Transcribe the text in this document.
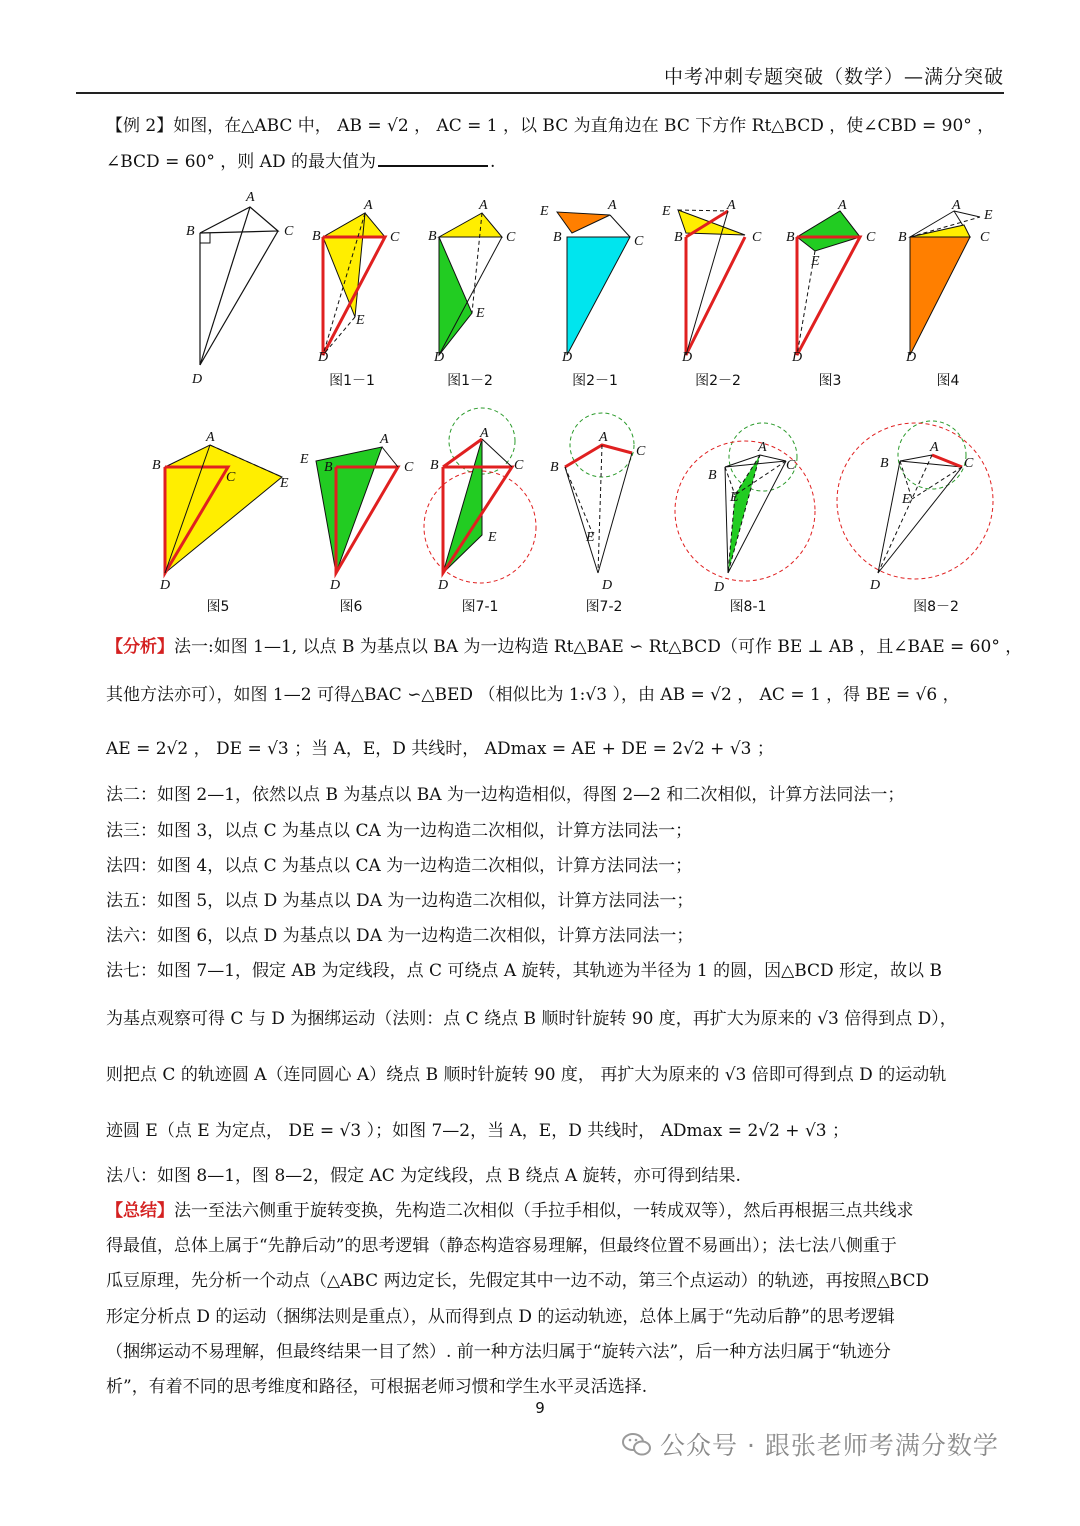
中考冲刺专题突破（数学）—满分突破
【例 2】如图，在△ABC 中， AB = √2 ， AC = 1 ，以 BC 为直角边在 BC 下方作 Rt△BCD ，使∠CBD = 90° ，
∠BCD = 60° ，则 AD 的最大值为	.
A
B	C
D
A
B	C
E
D
A
B	C
E
D
E	A
B	C
D
E	A
B	C
D
A
B	C
E
D
A
B	C
E
D
图1－1	图1－2	图2－1	图2－2	图3	图4
A
B
C	E
D
A
E
B	C
D
A
B	C
E
D
A
B
C
E
D
A
B
C
E
D
A
B	C
E
D
图5	图6	图7-1	图7-2	图8-1	图8－2
【分析】法一:如图 1—1, 以点 B 为基点以 BA 为一边构造 Rt△BAE ∽ Rt△BCD（可作 BE ⊥ AB ，且∠BAE = 60° ，
其他方法亦可），如图 1—2 可得△BAC ∽△BED （相似比为 1:√3 ），由 AB = √2 ， AC = 1 ，得 BE = √6 ，
AE = 2√2 ， DE = √3 ；当 A，E，D 共线时， ADmax = AE + DE = 2√2 + √3 ；
法二：如图 2—1，依然以点 B 为基点以 BA 为一边构造相似，得图 2—2 和二次相似，计算方法同法一；
法三：如图 3，以点 C 为基点以 CA 为一边构造二次相似，计算方法同法一；
法四：如图 4，以点 C 为基点以 CA 为一边构造二次相似，计算方法同法一；
法五：如图 5，以点 D 为基点以 DA 为一边构造二次相似，计算方法同法一；
法六：如图 6，以点 D 为基点以 DA 为一边构造二次相似，计算方法同法一；
法七：如图 7—1，假定 AB 为定线段，点 C 可绕点 A 旋转，其轨迹为半径为 1 的圆，因△BCD 形定，故以 B
为基点观察可得 C 与 D 为捆绑运动（法则：点 C 绕点 B 顺时针旋转 90 度，再扩大为原来的 √3 倍得到点 D），
则把点 C 的轨迹圆 A（连同圆心 A）绕点 B 顺时针旋转 90 度， 再扩大为原来的 √3 倍即可得到点 D 的运动轨
迹圆 E（点 E 为定点， DE = √3 ）；如图 7—2，当 A，E，D 共线时， ADmax = 2√2 + √3 ；
法八：如图 8—1，图 8—2，假定 AC 为定线段，点 B 绕点 A 旋转，亦可得到结果.
【总结】法一至法六侧重于旋转变换，先构造二次相似（手拉手相似，一转成双等），然后再根据三点共线求
得最值，总体上属于“先静后动”的思考逻辑（静态构造容易理解，但最终位置不易画出）；法七法八侧重于
瓜豆原理，先分析一个动点（△ABC 两边定长，先假定其中一边不动，第三个点运动）的轨迹，再按照△BCD
形定分析点 D 的运动（捆绑法则是重点），从而得到点 D 的运动轨迹，总体上属于“先动后静”的思考逻辑
（捆绑运动不易理解，但最终结果一目了然）. 前一种方法归属于“旋转六法”，后一种方法归属于“轨迹分
析”，有着不同的思考维度和路径，可根据老师习惯和学生水平灵活选择.
9
公众号 · 跟张老师考满分数学
